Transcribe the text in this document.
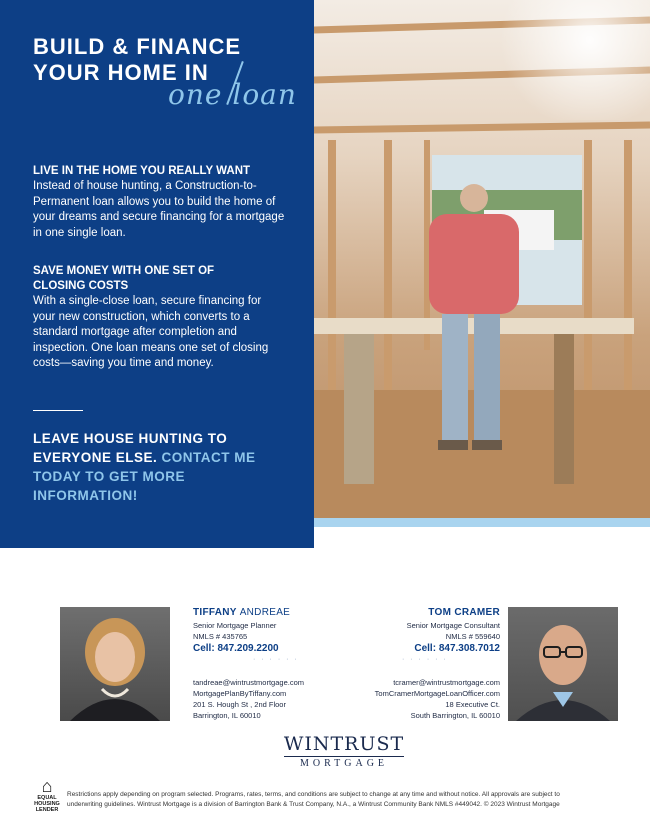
BUILD & FINANCE
YOUR HOME IN
one loan
LIVE IN THE HOME YOU REALLY WANT
Instead of house hunting, a Construction-to-Permanent loan allows you to build the home of your dreams and secure financing for a mortgage in one single loan.
SAVE MONEY WITH ONE SET OF CLOSING COSTS
With a single-close loan, secure financing for your new construction, which converts to a standard mortgage after completion and inspection. One loan means one set of closing costs—saving you time and money.
LEAVE HOUSE HUNTING TO EVERYONE ELSE. CONTACT ME TODAY TO GET MORE INFORMATION!
TIFFANY ANDREAE
Senior Mortgage Planner
NMLS # 435765
Cell: 847.209.2200
· · · · · ·
tandreae@wintrustmortgage.com
MortgagePlanByTiffany.com
201 S. Hough St , 2nd Floor
Barrington, IL 60010
TOM CRAMER
Senior Mortgage Consultant
NMLS # 559640
Cell: 847.308.7012
· · · · · ·
tcramer@wintrustmortgage.com
TomCramerMortgageLoanOfficer.com
18 Executive Ct.
South Barrington, IL 60010
WINTRUST
MORTGAGE
⌂
EQUAL HOUSING LENDER
Restrictions apply depending on program selected. Programs, rates, terms, and conditions are subject to change at any time and without notice. All approvals are subject to underwriting guidelines. Wintrust Mortgage is a division of Barrington Bank & Trust Company, N.A., a Wintrust Community Bank NMLS #449042. © 2023 Wintrust Mortgage
